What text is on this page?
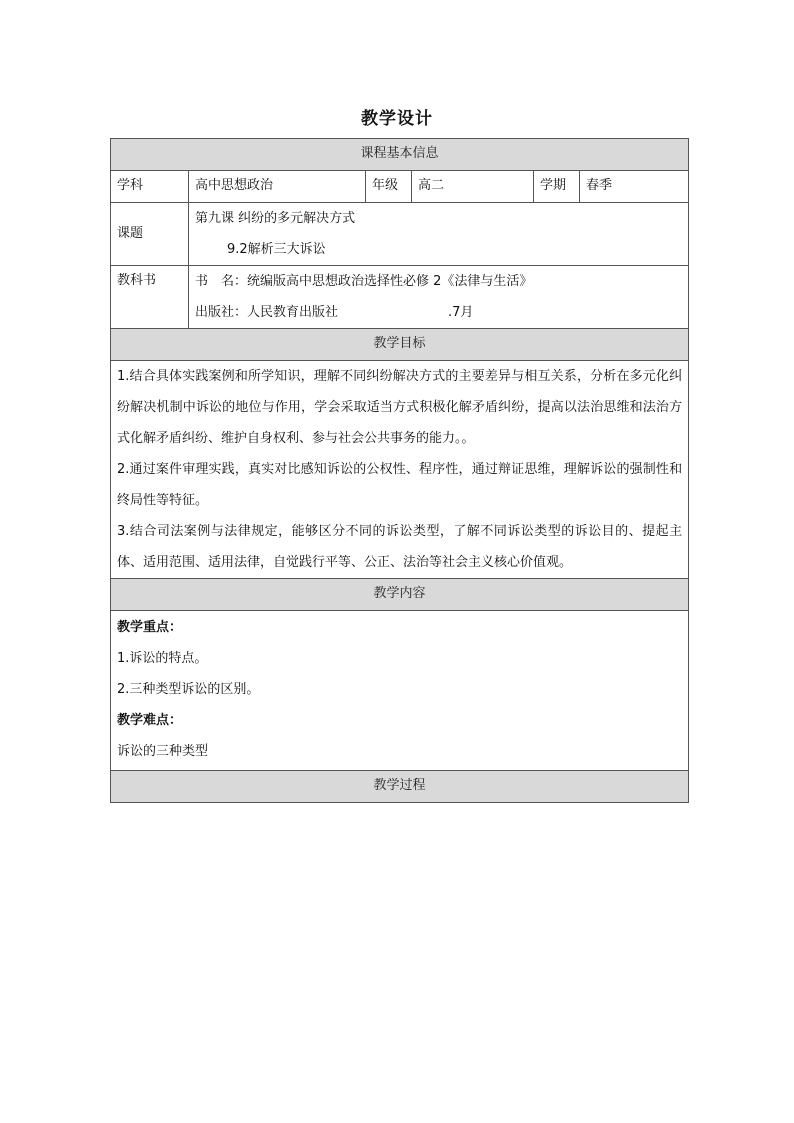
教学设计
课程基本信息					
学科	高中思想政治	年级	高二	学期	春季
课题	第九课 纠纷的多元解决方式
9.2解析三大诉讼				

教科书	书　名：统编版高中思想政治选择性必修 2《法律与生活》
出版社：人民教育出版社 .7月				

教学目标					

1.结合具体实践案例和所学知识，理解不同纠纷解决方式的主要差异与相互关系，分析在多元化纠纷解决机制中诉讼的地位与作用，学会采取适当方式积极化解矛盾纠纷，提高以法治思维和法治方式化解矛盾纠纷、维护自身权利、参与社会公共事务的能力。。

2.通过案件审理实践，真实对比感知诉讼的公权性、程序性，通过辩证思维，理解诉讼的强制性和终局性等特征。

3.结合司法案例与法律规定，能够区分不同的诉讼类型，了解不同诉讼类型的诉讼目的、提起主体、适用范围、适用法律，自觉践行平等、公正、法治等社会主义核心价值观。					

教学内容					

教学重点：

1.诉讼的特点。

2.三种类型诉讼的区别。

教学难点：

诉讼的三种类型					

教学过程					
